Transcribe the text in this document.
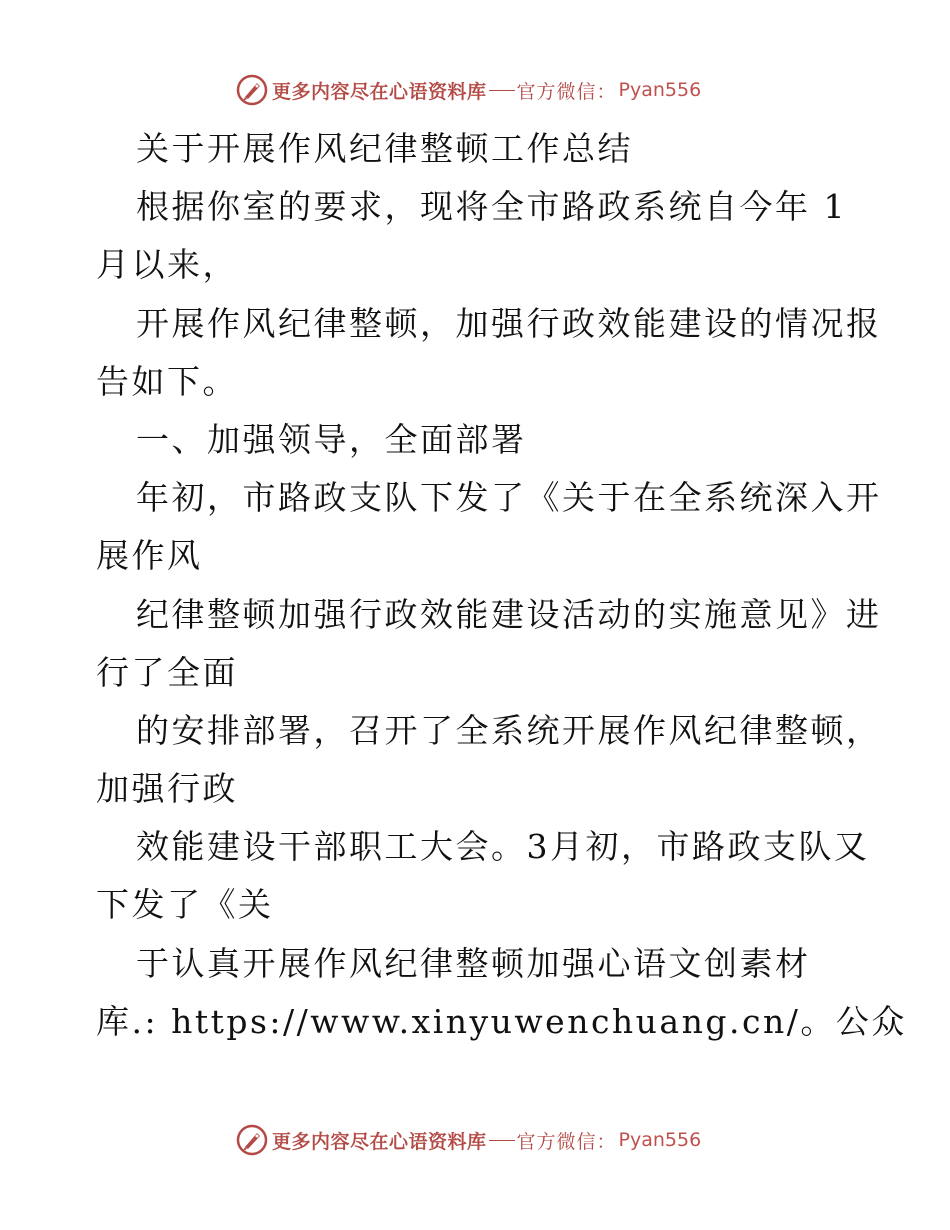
更多内容尽在心语资料库 官方微信： Pyan556
关于开展作风纪律整顿工作总结
根据你室的要求，现将全市路政系统自今年 1
月以来，
开展作风纪律整顿，加强行政效能建设的情况报
告如下。
一、加强领导，全面部署
年初，市路政支队下发了《关于在全系统深入开
展作风
纪律整顿加强行政效能建设活动的实施意见》进
行了全面
的安排部署，召开了全系统开展作风纪律整顿，
加强行政
效能建设干部职工大会。3月初，市路政支队又
下发了《关
于认真开展作风纪律整顿加强心语文创素材
库.: https://www.xinyuwenchuang.cn/。公众
更多内容尽在心语资料库 官方微信： Pyan556
